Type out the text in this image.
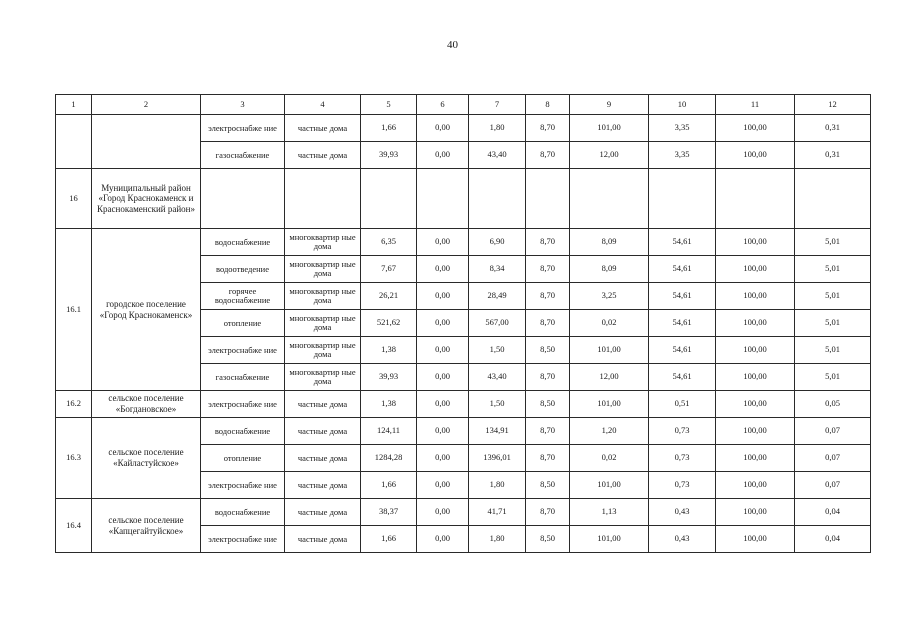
40
1	2	3	4	5	6	7	8	9	10	11	12
		электроснабже ние	частные дома	1,66	0,00	1,80	8,70	101,00	3,35	100,00	0,31
		газоснабжение	частные дома	39,93	0,00	43,40	8,70	12,00	3,35	100,00	0,31
16	Муниципальный район «Город Краснокаменск и Краснокаменский район»										
16.1	городское поселение «Город Краснокаменск»	водоснабжение	многоквартир ные дома	6,35	0,00	6,90	8,70	8,09	54,61	100,00	5,01
		водоотведение	многоквартир ные дома	7,67	0,00	8,34	8,70	8,09	54,61	100,00	5,01
		горячее водоснабжение	многоквартир ные дома	26,21	0,00	28,49	8,70	3,25	54,61	100,00	5,01
		отопление	многоквартир ные дома	521,62	0,00	567,00	8,70	0,02	54,61	100,00	5,01
		электроснабже ние	многоквартир ные дома	1,38	0,00	1,50	8,50	101,00	54,61	100,00	5,01
		газоснабжение	многоквартир ные дома	39,93	0,00	43,40	8,70	12,00	54,61	100,00	5,01
16.2	сельское поселение «Богдановское»	электроснабже ние	частные дома	1,38	0,00	1,50	8,50	101,00	0,51	100,00	0,05
16.3	сельское поселение «Кайластуйское»	водоснабжение	частные дома	124,11	0,00	134,91	8,70	1,20	0,73	100,00	0,07
		отопление	частные дома	1284,28	0,00	1396,01	8,70	0,02	0,73	100,00	0,07
		электроснабже ние	частные дома	1,66	0,00	1,80	8,50	101,00	0,73	100,00	0,07
16.4	сельское поселение «Капцегайтуйское»	водоснабжение	частные дома	38,37	0,00	41,71	8,70	1,13	0,43	100,00	0,04
		электроснабже ние	частные дома	1,66	0,00	1,80	8,50	101,00	0,43	100,00	0,04
